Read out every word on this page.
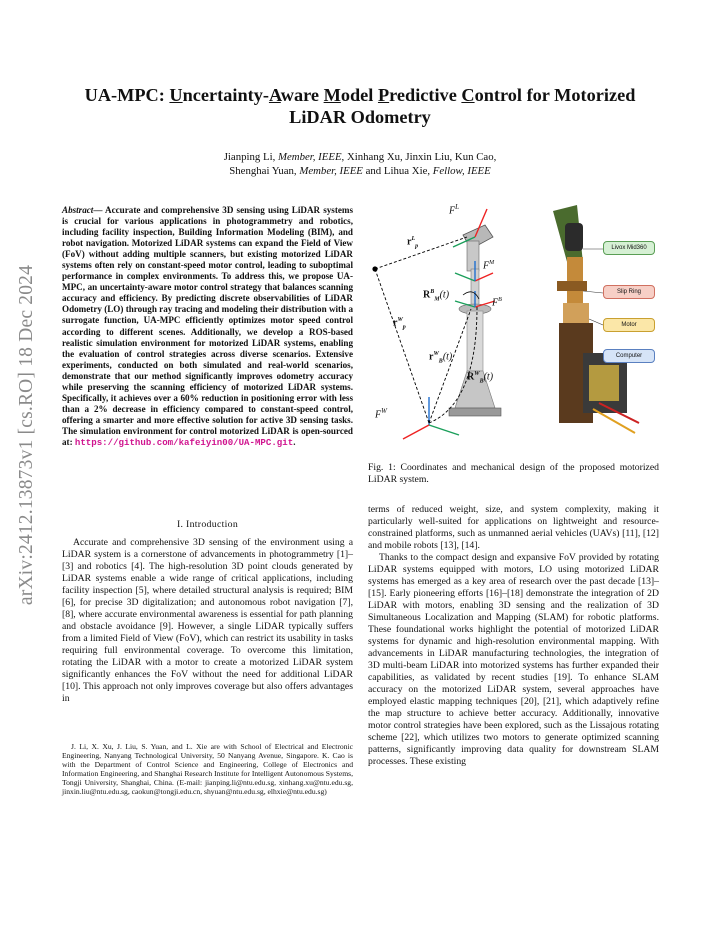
arXiv:2412.13873v1 [cs.RO] 18 Dec 2024
UA-MPC: Uncertainty-Aware Model Predictive Control for Motorized LiDAR Odometry
Jianping Li, Member, IEEE, Xinhang Xu, Jinxin Liu, Kun Cao,
Shenghai Yuan, Member, IEEE and Lihua Xie, Fellow, IEEE
Abstract— Accurate and comprehensive 3D sensing using LiDAR systems is crucial for various applications in photogrammetry and robotics, including facility inspection, Building Information Modeling (BIM), and robot navigation. Motorized LiDAR systems can expand the Field of View (FoV) without adding multiple scanners, but existing motorized LiDAR systems often rely on constant-speed motor control, leading to suboptimal performance in complex environments. To address this, we propose UA-MPC, an uncertainty-aware motor control strategy that balances scanning accuracy and efficiency. By predicting discrete observabilities of LiDAR Odometry (LO) through ray tracing and modeling their distribution with a surrogate function, UA-MPC efficiently optimizes motor speed control according to different scenes. Additionally, we develop a ROS-based realistic simulation environment for motorized LiDAR systems, enabling the evaluation of control strategies across diverse scenarios. Extensive experiments, conducted on both simulated and real-world scenarios, demonstrate that our method significantly improves odometry accuracy while preserving the scanning efficiency of motorized LiDAR systems. Specifically, it achieves over a 60% reduction in positioning error with less than a 2% decrease in efficiency compared to constant-speed control, offering a smarter and more effective solution for active 3D sensing tasks. The simulation environment for control motorized LiDAR is open-sourced at: https://github.com/kafeiyin00/UA-MPC.git.
I. Introduction

Accurate and comprehensive 3D sensing of the environment using a LiDAR system is a cornerstone of advancements in photogrammetry [1]–[3] and robotics [4]. The high-resolution 3D point clouds generated by LiDAR systems enable a wide range of critical applications, including facility inspection [5], where detailed structural analysis is required; BIM [6], for precise 3D digitalization; and autonomous robot navigation [7], [8], where accurate environmental awareness is essential for path planning and obstacle avoidance [9]. However, a single LiDAR typically suffers from a limited Field of View (FoV), which can restrict its usability in tasks requiring full environmental coverage. To overcome this limitation, rotating the LiDAR with a motor to create a motorized LiDAR system significantly enhances the FoV without the need for additional LiDAR [10]. This approach not only improves coverage but also offers advantages in

J. Li, X. Xu, J. Liu, S. Yuan, and L. Xie are with School of Electrical and Electronic Engineering, Nanyang Technological University, 50 Nanyang Avenue, Singapore. K. Cao is with the Department of Control Science and Engineering, College of Electronics and Information Engineering, and Shanghai Research Institute for Intelligent Autonomous Systems, Tongji University, Shanghai, China. (E-mail: jianping.li@ntu.edu.sg, xinhang.xu@ntu.edu.sg, jinxin.liu@ntu.edu.sg, caokun@tongji.edu.cn, shyuan@ntu.edu.sg, elhxie@ntu.edu.sg)

$F^L$
$r^L_p$
$F^M$
$R^B_M(t)$
$F^B$
$r^W_p$
$r^W_B(t)$
$R^W_B(t)$
$F^W$
Livox Mid360
Slip Ring
Motor
Computer
Fig. 1: Coordinates and mechanical design of the proposed motorized LiDAR system.

terms of reduced weight, size, and system complexity, making it particularly well-suited for applications on lightweight and resource-constrained platforms, such as unmanned aerial vehicles (UAVs) [11], [12] and mobile robots [13], [14].

Thanks to the compact design and expansive FoV provided by rotating LiDAR systems equipped with motors, LO using motorized LiDAR systems has emerged as a key area of research over the past decade [13]–[15]. Early pioneering efforts [16]–[18] demonstrate the integration of 2D LiDAR with motors, enabling 3D sensing and the realization of 3D Simultaneous Localization and Mapping (SLAM) for robotic platforms. These foundational works highlight the potential of motorized LiDAR systems for dynamic and high-resolution environmental mapping. With advancements in LiDAR manufacturing technologies, the integration of 3D multi-beam LiDAR into motorized systems has further expanded their capabilities, as validated by recent studies [19]. To enhance SLAM accuracy on the motorized LiDAR system, several approaches have employed elastic mapping techniques [20], [21], which adaptively refine the map structure to achieve better accuracy. Additionally, innovative motor control strategies have been explored, such as the Lissajous rotating scheme [22], which utilizes two motors to generate optimized scanning patterns, significantly improving data quality for downstream SLAM processes. These existing
